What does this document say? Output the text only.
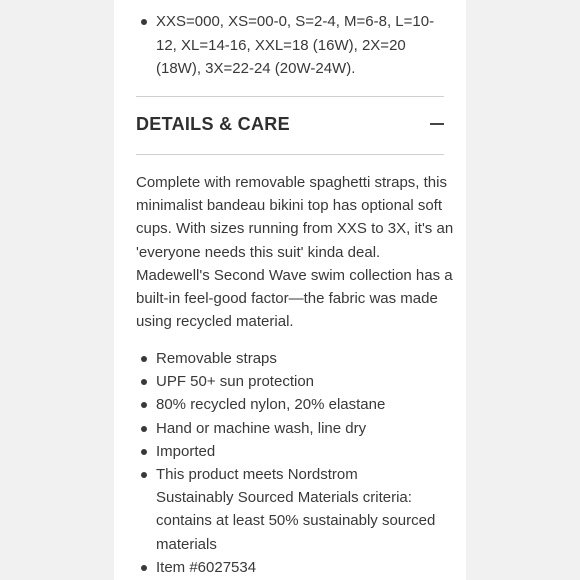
XXS=000, XS=00-0, S=2-4, M=6-8, L=10-12, XL=14-16, XXL=18 (16W), 2X=20 (18W), 3X=22-24 (20W-24W).
DETAILS & CARE

Complete with removable spaghetti straps, this minimalist bandeau bikini top has optional soft cups. With sizes running from XXS to 3X, it's an 'everyone needs this suit' kinda deal. Madewell's Second Wave swim collection has a built-in feel-good factor—the fabric was made using recycled material.

Removable straps
UPF 50+ sun protection
80% recycled nylon, 20% elastane
Hand or machine wash, line dry
Imported
This product meets Nordstrom Sustainably Sourced Materials criteria: contains at least 50% sustainably sourced materials
Item #6027534
